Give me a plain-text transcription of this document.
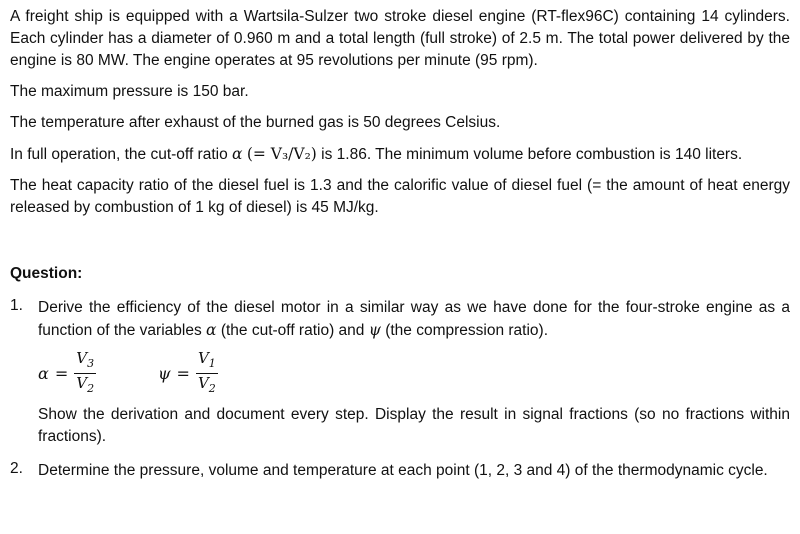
A freight ship is equipped with a Wartsila-Sulzer two stroke diesel engine (RT-flex96C) containing 14 cylinders. Each cylinder has a diameter of 0.960 m and a total length (full stroke) of 2.5 m. The total power delivered by the engine is 80 MW. The engine operates at 95 revolutions per minute (95 rpm).

The maximum pressure is 150 bar.

The temperature after exhaust of the burned gas is 50 degrees Celsius.

In full operation, the cut-off ratio α (= V₃/V₂) is 1.86. The minimum volume before combustion is 140 liters.

The heat capacity ratio of the diesel fuel is 1.3 and the calorific value of diesel fuel (= the amount of heat energy released by combustion of 1 kg of diesel) is 45 MJ/kg.

Question:

1. Derive the efficiency of the diesel motor in a similar way as we have done for the four-stroke engine as a function of the variables α (the cut-off ratio) and ψ (the compression ratio).

$\alpha = \frac{V_3}{V_2}$	$\psi = \frac{V_1}{V_2}$

Show the derivation and document every step. Display the result in signal fractions (so no fractions within fractions).

2. Determine the pressure, volume and temperature at each point (1, 2, 3 and 4) of the thermodynamic cycle.
